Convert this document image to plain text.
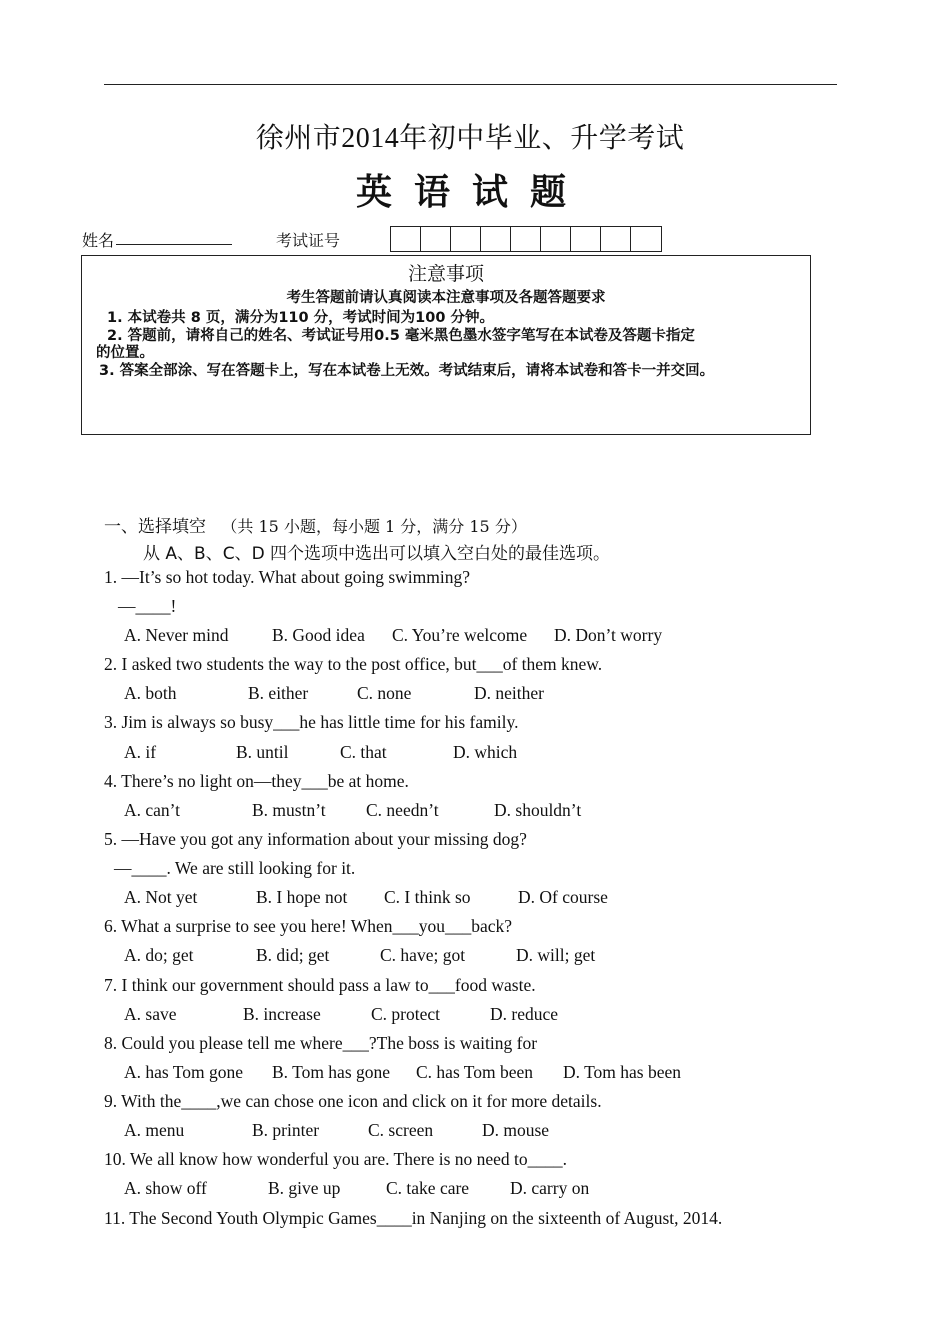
徐州市2014年初中毕业、升学考试
英语试题
姓名	考试证号
注意事项
考生答题前请认真阅读本注意事项及各题答题要求
1. 本试卷共 8 页，满分为110 分，考试时间为100 分钟。
2. 答题前，请将自己的姓名、考试证号用0.5 毫米黑色墨水签字笔写在本试卷及答题卡指定
的位置。
3. 答案全部涂、写在答题卡上，写在本试卷上无效。考试结束后，请将本试卷和答卡一并交回。
一、选择填空 （共 15 小题，每小题 1 分，满分 15 分）
从 A、B、C、D 四个选项中选出可以填入空白处的最佳选项。
1. —It’s so hot today. What about going swimming?
—____!
A. Never mind B. Good idea C. You’re welcome D. Don’t worry
2. I asked two students the way to the post office, but___of them knew.
A. both	B. either	C. none	D. neither
3. Jim is always so busy___he has little time for his family.
A. if	B. until	C. that	D. which
4. There’s no light on—they___be at home.
A. can’t	B. mustn’t C. needn’t	D. shouldn’t
5. —Have you got any information about your missing dog?
—____. We are still looking for it.
A. Not yet	B. I hope not C. I think so	D. Of course
6. What a surprise to see you here! When___you___back?
A. do; get	B. did; get	C. have; got	D. will; get
7. I think our government should pass a law to___food waste.
A. save	B. increase	C. protect	D. reduce
8. Could you please tell me where___?The boss is waiting for
A. has Tom gone B. Tom has gone C. has Tom been D. Tom has been
9. With the____,we can chose one icon and click on it for more details.
A. menu	B. printer	C. screen	D. mouse
10. We all know how wonderful you are. There is no need to____.
A. show off	B. give up	C. take care D. carry on
11. The Second Youth Olympic Games____in Nanjing on the sixteenth of August, 2014.
